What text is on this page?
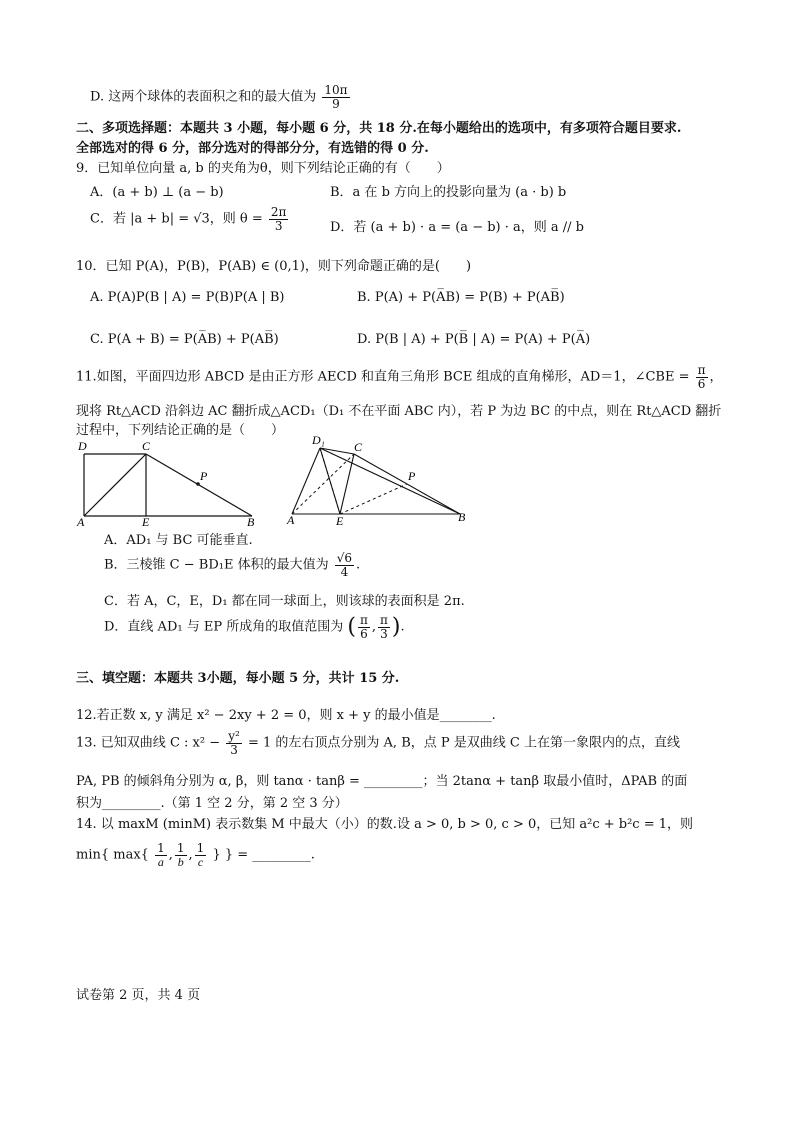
D. 这两个球体的表面积之和的最大值为 $\frac{10\pi}{9}$
二、多项选择题：本题共 3 小题，每小题 6 分，共 18 分.在每小题给出的选项中，有多项符合题目要求.
全部选对的得 6 分，部分选对的得部分分，有选错的得 0 分.
9．已知单位向量 a, b 的夹角为θ，则下列结论正确的有（　　）
A．(a + b) ⊥ (a − b)	B．a 在 b 方向上的投影向量为 (a · b) b
C．若 |a + b| = √3，则 $\theta = \frac{2\pi}{3}$	D．若 (a + b) · a = (a − b) · a，则 a // b
10．已知 P(A)，P(B)，P(AB) ∈ (0,1)，则下列命题正确的是(　　)
A. P(A)P(B | A) = P(B)P(A | B)	B. P(A) + P(A̅B) = P(B) + P(AB̅)
C. P(A + B) = P(A̅B) + P(AB̅)	D. P(B | A) + P(B̅ | A) = P(A) + P(A̅)
11.如图，平面四边形 ABCD 是由正方形 AECD 和直角三角形 BCE 组成的直角梯形，AD＝1，∠CBE = $\frac{\pi}{6}$ ，
现将 Rt△ACD 沿斜边 AC 翻折成△ACD₁（D₁ 不在平面 ABC 内），若 P 为边 BC 的中点，则在 Rt△ACD 翻折
过程中，下列结论正确的是（　　）
D	C
P
A	E	B
D₁ C
P
A	E	B
A．AD₁ 与 BC 可能垂直.
B．三棱锥 C − BD₁E 体积的最大值为 $\frac{√6}{4}$ .
C．若 A，C，E，D₁ 都在同一球面上，则该球的表面积是 2π.
D．直线 AD₁ 与 EP 所成角的取值范围为 ( $\frac{\pi}{6}$ , $\frac{\pi}{3}$ ).
三、填空题：本题共 3小题，每小题 5 分，共计 15 分.
12.若正数 x, y 满足 x² − 2xy + 2 = 0，则 x + y 的最小值是________.
13. 已知双曲线 C : $x^2 - \frac{\text{y²}}{3} = 1$ 的左右顶点分别为 A, B，点 P 是双曲线 C 上在第一象限内的点，直线
PA, PB 的倾斜角分别为 α, β，则 tanα · tanβ = _________；当 2tanα + tanβ 取最小值时，ΔPAB 的面
积为_________.（第 1 空 2 分，第 2 空 3 分）
14. 以 maxM (minM) 表示数集 M 中最大（小）的数.设 a > 0, b > 0, c > 0，已知 a²c + b²c = 1，则
min{ $\max\{ \frac{1}{a}$ , $\frac{1}{b}$ , $\frac{1}{c}$ } } = _________.
试卷第 2 页，共 4 页
